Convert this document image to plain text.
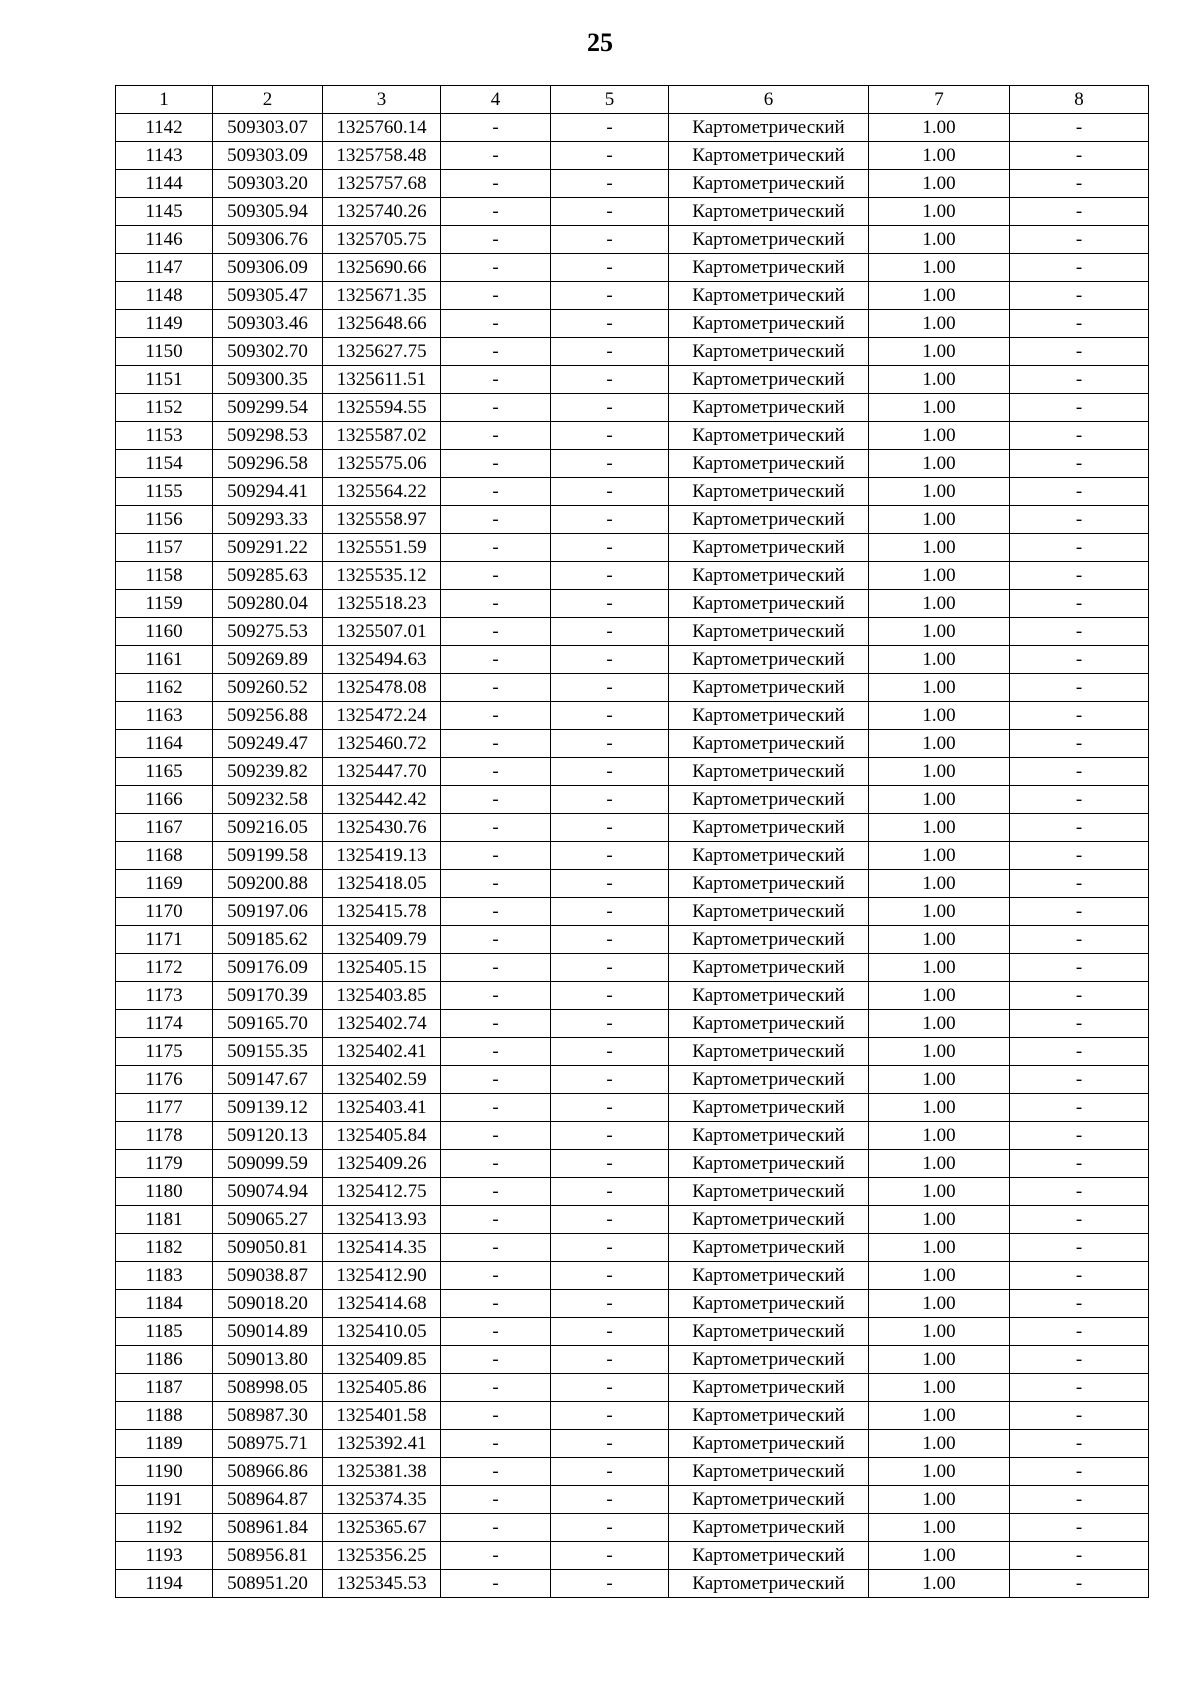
25
1	2	3	4	5	6	7	8
1142	509303.07	1325760.14	-	-	Картометрический	1.00	-
1143	509303.09	1325758.48	-	-	Картометрический	1.00	-
1144	509303.20	1325757.68	-	-	Картометрический	1.00	-
1145	509305.94	1325740.26	-	-	Картометрический	1.00	-
1146	509306.76	1325705.75	-	-	Картометрический	1.00	-
1147	509306.09	1325690.66	-	-	Картометрический	1.00	-
1148	509305.47	1325671.35	-	-	Картометрический	1.00	-
1149	509303.46	1325648.66	-	-	Картометрический	1.00	-
1150	509302.70	1325627.75	-	-	Картометрический	1.00	-
1151	509300.35	1325611.51	-	-	Картометрический	1.00	-
1152	509299.54	1325594.55	-	-	Картометрический	1.00	-
1153	509298.53	1325587.02	-	-	Картометрический	1.00	-
1154	509296.58	1325575.06	-	-	Картометрический	1.00	-
1155	509294.41	1325564.22	-	-	Картометрический	1.00	-
1156	509293.33	1325558.97	-	-	Картометрический	1.00	-
1157	509291.22	1325551.59	-	-	Картометрический	1.00	-
1158	509285.63	1325535.12	-	-	Картометрический	1.00	-
1159	509280.04	1325518.23	-	-	Картометрический	1.00	-
1160	509275.53	1325507.01	-	-	Картометрический	1.00	-
1161	509269.89	1325494.63	-	-	Картометрический	1.00	-
1162	509260.52	1325478.08	-	-	Картометрический	1.00	-
1163	509256.88	1325472.24	-	-	Картометрический	1.00	-
1164	509249.47	1325460.72	-	-	Картометрический	1.00	-
1165	509239.82	1325447.70	-	-	Картометрический	1.00	-
1166	509232.58	1325442.42	-	-	Картометрический	1.00	-
1167	509216.05	1325430.76	-	-	Картометрический	1.00	-
1168	509199.58	1325419.13	-	-	Картометрический	1.00	-
1169	509200.88	1325418.05	-	-	Картометрический	1.00	-
1170	509197.06	1325415.78	-	-	Картометрический	1.00	-
1171	509185.62	1325409.79	-	-	Картометрический	1.00	-
1172	509176.09	1325405.15	-	-	Картометрический	1.00	-
1173	509170.39	1325403.85	-	-	Картометрический	1.00	-
1174	509165.70	1325402.74	-	-	Картометрический	1.00	-
1175	509155.35	1325402.41	-	-	Картометрический	1.00	-
1176	509147.67	1325402.59	-	-	Картометрический	1.00	-
1177	509139.12	1325403.41	-	-	Картометрический	1.00	-
1178	509120.13	1325405.84	-	-	Картометрический	1.00	-
1179	509099.59	1325409.26	-	-	Картометрический	1.00	-
1180	509074.94	1325412.75	-	-	Картометрический	1.00	-
1181	509065.27	1325413.93	-	-	Картометрический	1.00	-
1182	509050.81	1325414.35	-	-	Картометрический	1.00	-
1183	509038.87	1325412.90	-	-	Картометрический	1.00	-
1184	509018.20	1325414.68	-	-	Картометрический	1.00	-
1185	509014.89	1325410.05	-	-	Картометрический	1.00	-
1186	509013.80	1325409.85	-	-	Картометрический	1.00	-
1187	508998.05	1325405.86	-	-	Картометрический	1.00	-
1188	508987.30	1325401.58	-	-	Картометрический	1.00	-
1189	508975.71	1325392.41	-	-	Картометрический	1.00	-
1190	508966.86	1325381.38	-	-	Картометрический	1.00	-
1191	508964.87	1325374.35	-	-	Картометрический	1.00	-
1192	508961.84	1325365.67	-	-	Картометрический	1.00	-
1193	508956.81	1325356.25	-	-	Картометрический	1.00	-
1194	508951.20	1325345.53	-	-	Картометрический	1.00	-
